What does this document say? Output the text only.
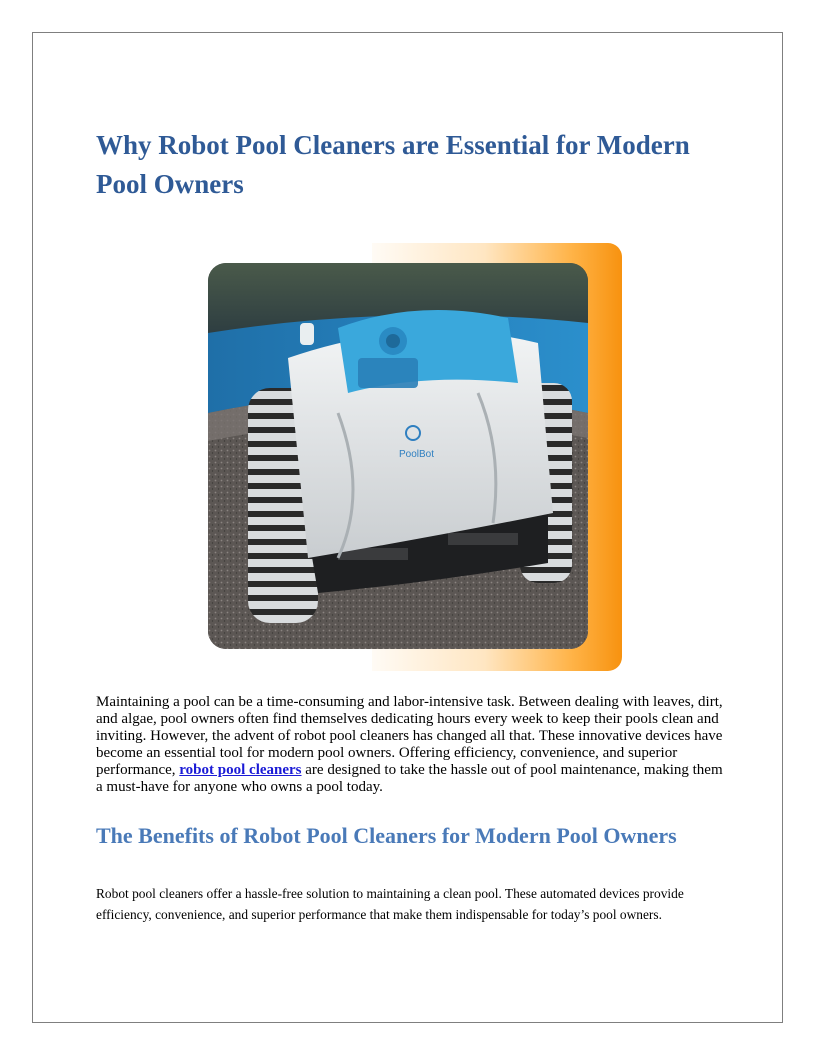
Why Robot Pool Cleaners are Essential for Modern Pool Owners
PoolBot

Maintaining a pool can be a time-consuming and labor-intensive task. Between dealing with leaves, dirt, and algae, pool owners often find themselves dedicating hours every week to keep their pools clean and inviting. However, the advent of robot pool cleaners has changed all that. These innovative devices have become an essential tool for modern pool owners. Offering efficiency, convenience, and superior performance, robot pool cleaners are designed to take the hassle out of pool maintenance, making them a must-have for anyone who owns a pool today.

The Benefits of Robot Pool Cleaners for Modern Pool Owners

Robot pool cleaners offer a hassle-free solution to maintaining a clean pool. These automated devices provide efficiency, convenience, and superior performance that make them indispensable for today’s pool owners.
